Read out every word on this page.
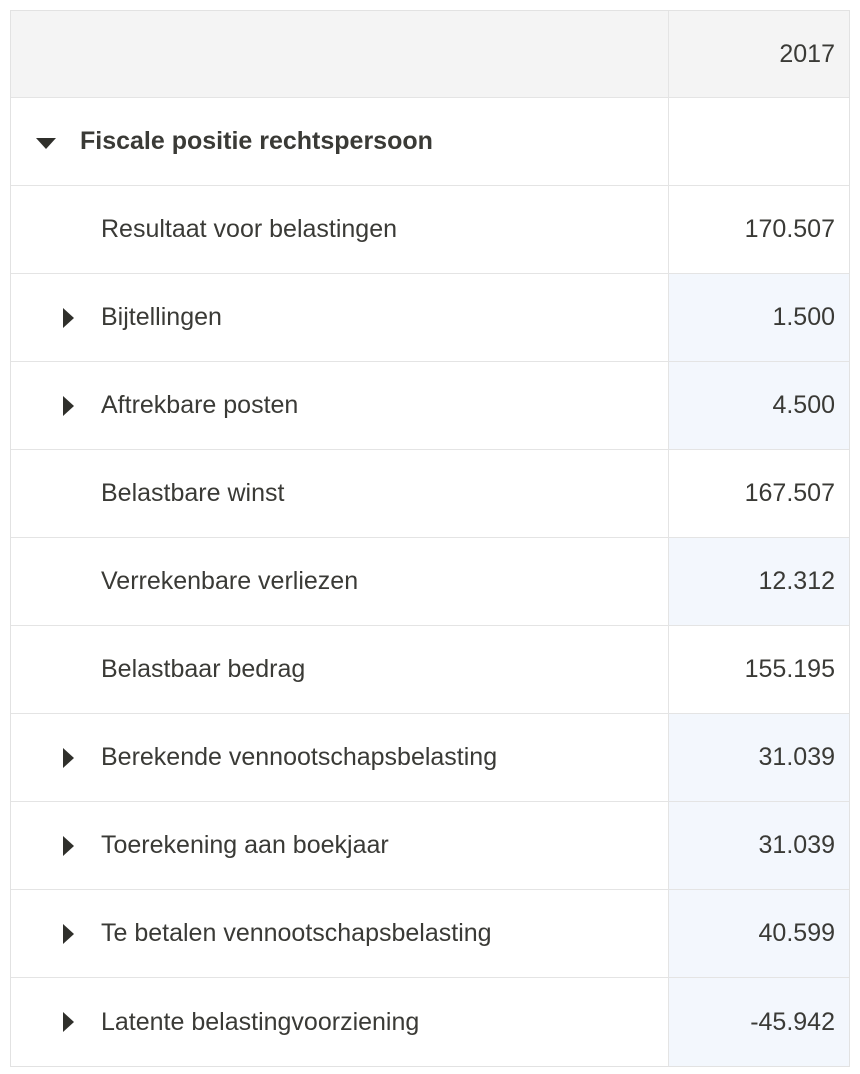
2017
Fiscale positie rechtspersoon
Resultaat voor belastingen	170.507
Bijtellingen	1.500
Aftrekbare posten	4.500
Belastbare winst	167.507
Verrekenbare verliezen	12.312
Belastbaar bedrag	155.195
Berekende vennootschapsbelasting	31.039
Toerekening aan boekjaar	31.039
Te betalen vennootschapsbelasting	40.599
Latente belastingvoorziening	-45.942
